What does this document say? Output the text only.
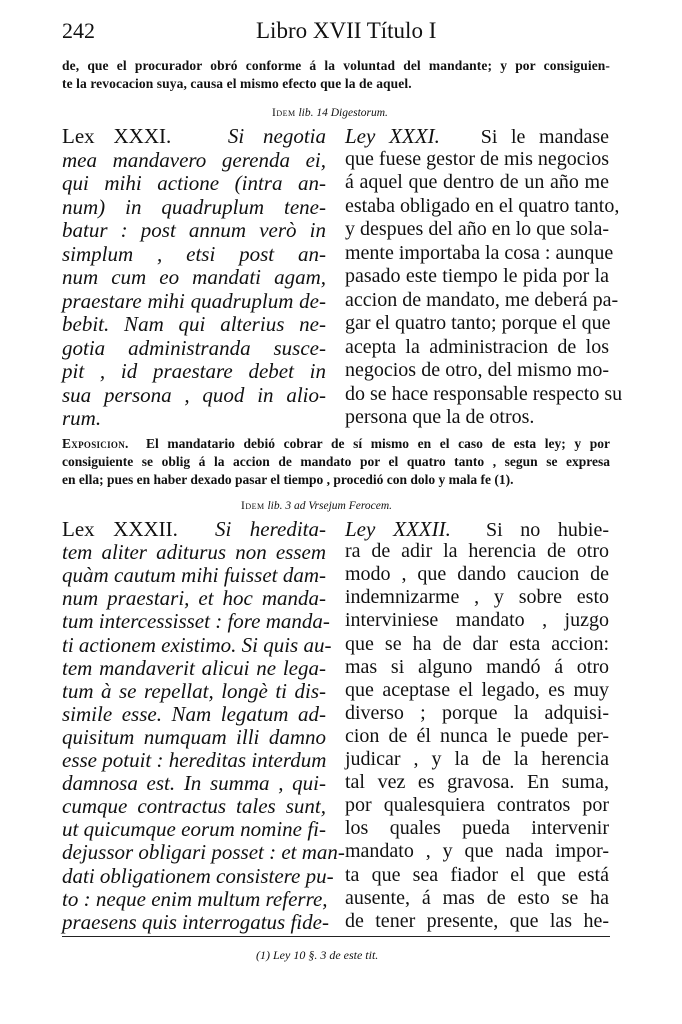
242	Libro XVII Título I
de, que el procurador obró conforme á la voluntad del mandante; y por consiguien-
te la revocacion suya, causa el mismo efecto que la de aquel.
Idem lib. 14 Digestorum.
Lex XXXI.	Si negotia
mea mandavero gerenda ei,
qui mihi actione (intra an-
num) in quadruplum tene-
batur : post annum verò in
simplum , etsi post an-
num cum eo mandati agam,
praestare mihi quadruplum de-
bebit. Nam qui alterius ne-
gotia administranda susce-
pit , id praestare debet in
sua persona , quod in alio-
rum.
Ley XXXI. Si le mandase
que fuese gestor de mis negocios
á aquel que dentro de un año me
estaba obligado en el quatro tanto,
y despues del año en lo que sola-
mente importaba la cosa : aunque
pasado este tiempo le pida por la
accion de mandato, me deberá pa-
gar el quatro tanto; porque el que
acepta la administracion de los
negocios de otro, del mismo mo-
do se hace responsable respecto su
persona que la de otros.
Exposicion. El mandatario debió cobrar de sí mismo en el caso de esta ley; y por
consiguiente se oblig á la accion de mandato por el quatro tanto , segun se expresa
en ella; pues en haber dexado pasar el tiempo , procedió con dolo y mala fe (1).
Idem lib. 3 ad Vrsejum Ferocem.
Lex XXXII. Si heredita-
tem aliter aditurus non essem
quàm cautum mihi fuisset dam-
num praestari, et hoc manda-
tum intercessisset : fore manda-
ti actionem existimo. Si quis au-
tem mandaverit alicui ne lega-
tum à se repellat, longè ti dis-
simile esse. Nam legatum ad-
quisitum numquam illi damno
esse potuit : hereditas interdum
damnosa est. In summa , qui-
cumque contractus tales sunt,
ut quicumque eorum nomine fi-
dejussor obligari posset : et man-
dati obligationem consistere pu-
to : neque enim multum referre,
praesens quis interrogatus fide-
Ley XXXII. Si no hubie-
ra de adir la herencia de otro
modo , que dando caucion de
indemnizarme , y sobre esto
interviniese mandato , juzgo
que se ha de dar esta accion:
mas si alguno mandó á otro
que aceptase el legado, es muy
diverso ; porque la adquisi-
cion de él nunca le puede per-
judicar , y la de la herencia
tal vez es gravosa. En suma,
por qualesquiera contratos por
los quales pueda intervenir
mandato , y que nada impor-
ta que sea fiador el que está
ausente, á mas de esto se ha
de tener presente, que las he-
(1) Ley 10 §. 3 de este tit.
